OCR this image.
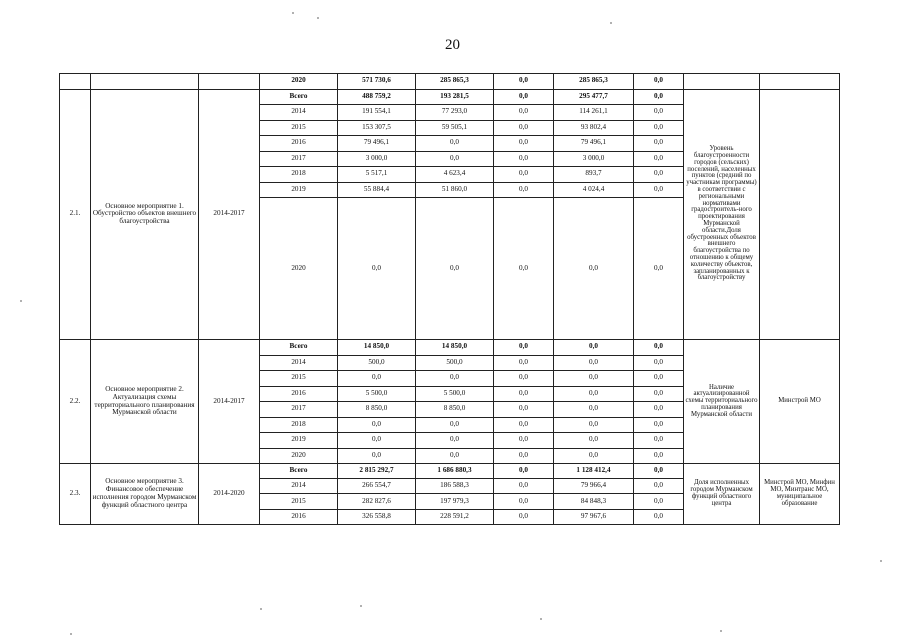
20
			2020	571 730,6	285 865,3	0,0	285 865,3	0,0		
2.1.	Основное мероприятие 1. Обустройство объектов внешнего благоустройства	2014-2017	Всего	488 759,2	193 281,5	0,0	295 477,7	0,0	Уровень благоустроенности городов (сельских) поселений, населенных пунктов (средний по участникам программы) в соответствии с региональными нормативами градостроитель-ного проектирования Мурманской области.Доля обустроенных объектов внешнего благоустройства по отношению к общему количеству объектов, запланированных к благоустройству	
			2014	191 554,1	77 293,0	0,0	114 261,1	0,0		
			2015	153 307,5	59 505,1	0,0	93 802,4	0,0		
			2016	79 496,1	0,0	0,0	79 496,1	0,0		
			2017	3 000,0	0,0	0,0	3 000,0	0,0		
			2018	5 517,1	4 623,4	0,0	893,7	0,0		
			2019	55 884,4	51 860,0	0,0	4 024,4	0,0		
			2020	0,0	0,0	0,0	0,0	0,0		
2.2.	Основное мероприятие 2. Актуализация схемы территориального планирования Мурманской области	2014-2017	Всего	14 850,0	14 850,0	0,0	0,0	0,0	Наличие актуализированной схемы территориального планирования Мурманской области	Минстрой МО
			2014	500,0	500,0	0,0	0,0	0,0		
			2015	0,0	0,0	0,0	0,0	0,0		
			2016	5 500,0	5 500,0	0,0	0,0	0,0		
			2017	8 850,0	8 850,0	0,0	0,0	0,0		
			2018	0,0	0,0	0,0	0,0	0,0		
			2019	0,0	0,0	0,0	0,0	0,0		
			2020	0,0	0,0	0,0	0,0	0,0		
2.3.	Основное мероприятие 3. Финансовое обеспечение исполнения городом Мурманском функций областного центра	2014-2020	Всего	2 815 292,7	1 686 880,3	0,0	1 128 412,4	0,0	Доля исполненных городом Мурманском функций областного центра	Минстрой МО, Минфин МО, Минтранс МО, муниципальное образование
			2014	266 554,7	186 588,3	0,0	79 966,4	0,0		
			2015	282 827,6	197 979,3	0,0	84 848,3	0,0		
			2016	326 558,8	228 591,2	0,0	97 967,6	0,0		
